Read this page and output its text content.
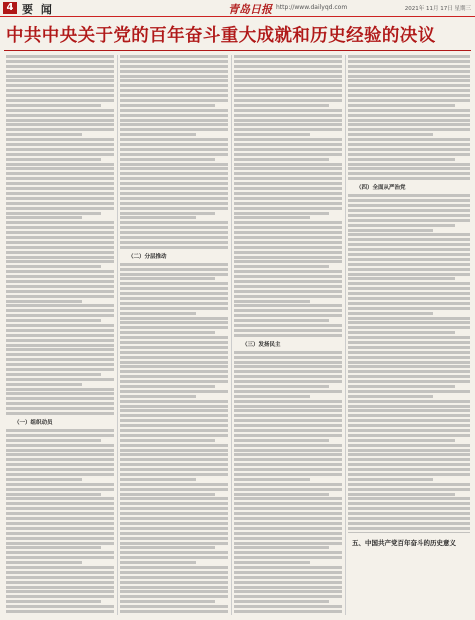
4 要 闻	青岛日报 http://www.dailyqd.com	2021年 11月 17日 星期三
中共中央关于党的百年奋斗重大成就和历史经验的决议
（一）组织动员
（二）分层推动
（三）发扬民主
（四）全面从严治党
五、中国共产党百年奋斗的历史意义
